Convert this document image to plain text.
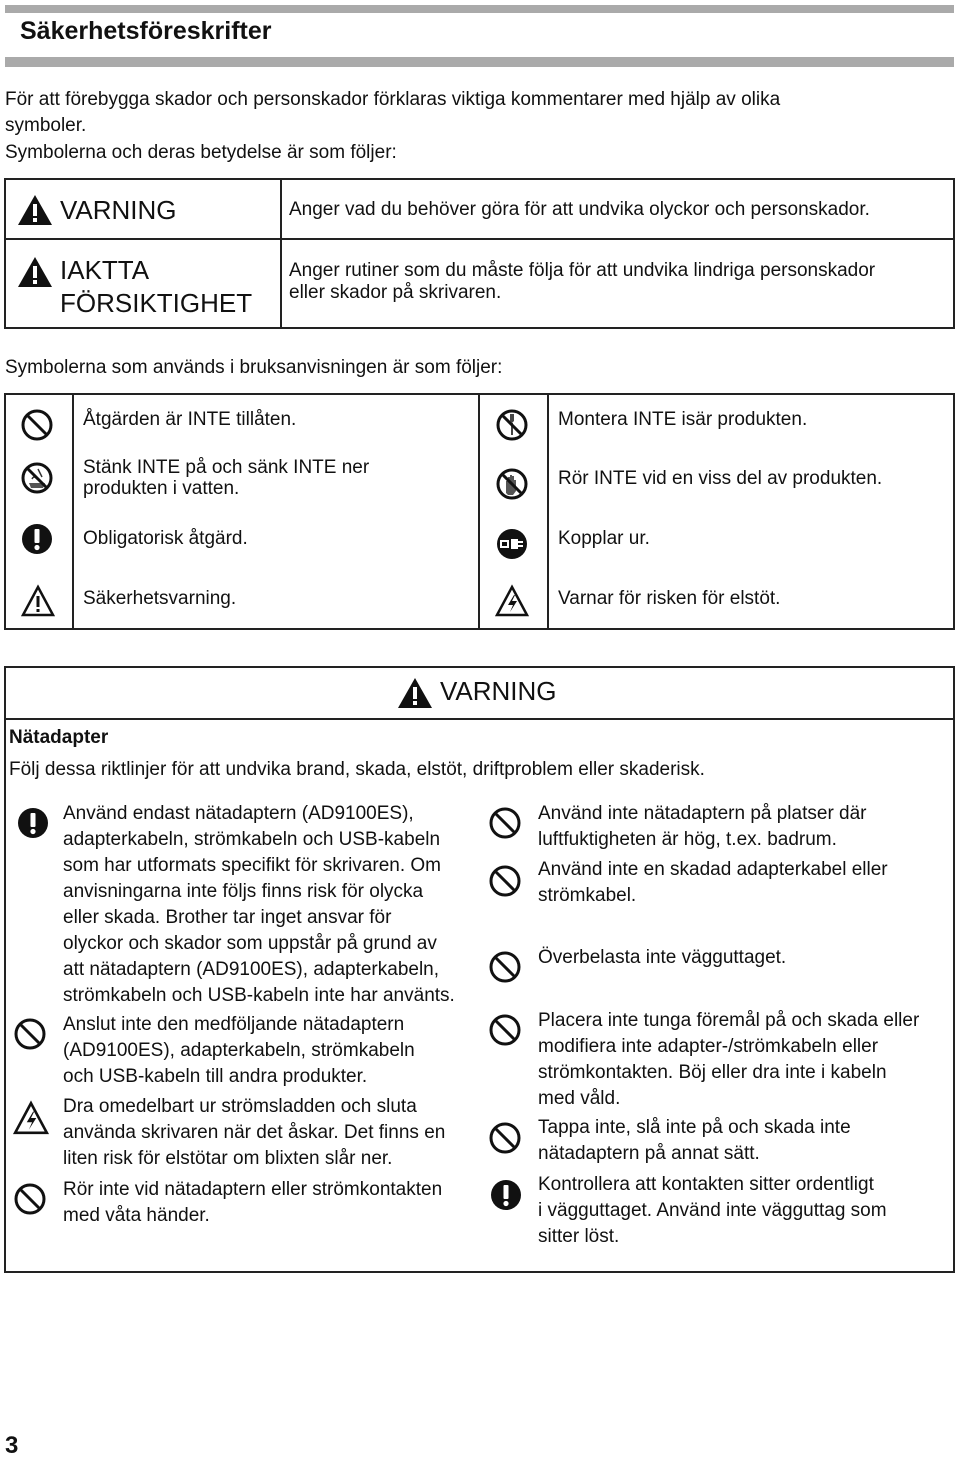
Säkerhetsföreskrifter
För att förebygga skador och personskador förklaras viktiga kommentarer med hjälp av olika
symboler.
Symbolerna och deras betydelse är som följer:
VARNING	Anger vad du behöver göra för att undvika olyckor och personskador.
IAKTTA
FÖRSIKTIGHET
Anger rutiner som du måste följa för att undvika lindriga personskador
eller skador på skrivaren.
Symbolerna som används i bruksanvisningen är som följer:
Åtgärden är INTE tillåten.
Stänk INTE på och sänk INTE ner
produkten i vatten.
Obligatorisk åtgärd.
Säkerhetsvarning.
Montera INTE isär produkten.
Rör INTE vid en viss del av produkten.
Kopplar ur.
Varnar för risken för elstöt.
VARNING
Nätadapter
Följ dessa riktlinjer för att undvika brand, skada, elstöt, driftproblem eller skaderisk.
Använd endast nätadaptern (AD9100ES),
adapterkabeln, strömkabeln och USB-kabeln
som har utformats specifikt för skrivaren. Om
anvisningarna inte följs finns risk för olycka
eller skada. Brother tar inget ansvar för
olyckor och skador som uppstår på grund av
att nätadaptern (AD9100ES), adapterkabeln,
strömkabeln och USB-kabeln inte har använts.
Anslut inte den medföljande nätadaptern
(AD9100ES), adapterkabeln, strömkabeln
och USB-kabeln till andra produkter.
Dra omedelbart ur strömsladden och sluta
använda skrivaren när det åskar. Det finns en
liten risk för elstötar om blixten slår ner.
Rör inte vid nätadaptern eller strömkontakten
med våta händer.
Använd inte nätadaptern på platser där
luftfuktigheten är hög, t.ex. badrum.
Använd inte en skadad adapterkabel eller
strömkabel.
Överbelasta inte vägguttaget.
Placera inte tunga föremål på och skada eller
modifiera inte adapter-/strömkabeln eller
strömkontakten. Böj eller dra inte i kabeln
med våld.
Tappa inte, slå inte på och skada inte
nätadaptern på annat sätt.
Kontrollera att kontakten sitter ordentligt
i vägguttaget. Använd inte vägguttag som
sitter löst.
3
